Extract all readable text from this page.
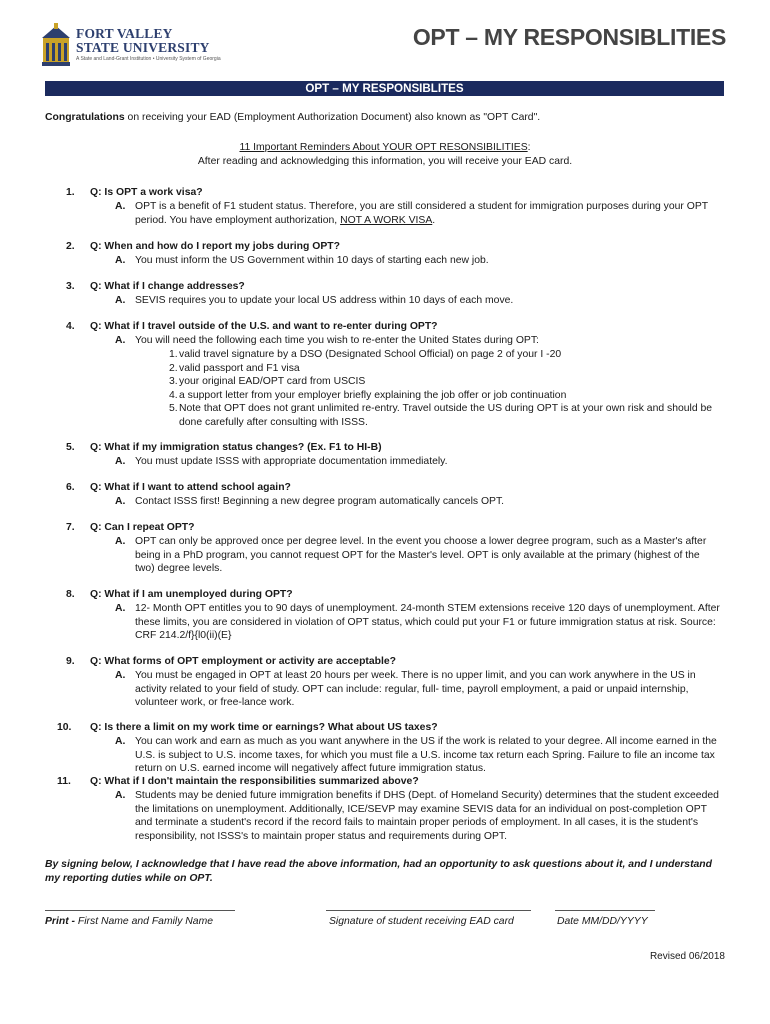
FORT VALLEY
STATE UNIVERSITY
A State and Land-Grant Institution • University System of Georgia
OPT – MY RESPONSIBLITIES
OPT – MY RESPONSIBLITES
Congratulations on receiving your EAD (Employment Authorization Document) also known as "OPT Card".
11 Important Reminders About YOUR OPT RESONSIBILITIES:
After reading and acknowledging this information, you will receive your EAD card.
1. Q: Is OPT a work visa?
A. OPT is a benefit of F1 student status. Therefore, you are still considered a student for immigration purposes during your OPT period. You have employment authorization, NOT A WORK VISA.
2. Q: When and how do I report my jobs during OPT?
A. You must inform the US Government within 10 days of starting each new job.
3. Q: What if I change addresses?
A. SEVIS requires you to update your local US address within 10 days of each move.
4. Q: What if I travel outside of the U.S. and want to re-enter during OPT?
A. You will need the following each time you wish to re-enter the United States during OPT:
1. valid travel signature by a DSO (Designated School Official) on page 2 of your I -20
2. valid passport and F1 visa
3. your original EAD/OPT card from USCIS
4. a support letter from your employer briefly explaining the job offer or job continuation
5. Note that OPT does not grant unlimited re-entry. Travel outside the US during OPT is at your own risk and should be done carefully after consulting with ISSS.
5. Q: What if my immigration status changes? (Ex. F1 to HI-B)
A. You must update ISSS with appropriate documentation immediately.
6. Q: What if I want to attend school again?
A. Contact ISSS first! Beginning a new degree program automatically cancels OPT.
7. Q: Can I repeat OPT?
A. OPT can only be approved once per degree level. In the event you choose a lower degree program, such as a Master's after being in a PhD program, you cannot request OPT for the Master's level. OPT is only available at the primary (highest of the two) degree levels.
8. Q: What if I am unemployed during OPT?
A. 12- Month OPT entitles you to 90 days of unemployment. 24-month STEM extensions receive 120 days of unemployment. After these limits, you are considered in violation of OPT status, which could put your F1 or future immigration status at risk. Source: CRF 214.2/f}{l0(ii)(E}
9. Q: What forms of OPT employment or activity are acceptable?
A. You must be engaged in OPT at least 20 hours per week. There is no upper limit, and you can work anywhere in the US in activity related to your field of study. OPT can include: regular, full- time, payroll employment, a paid or unpaid internship, volunteer work, or free-lance work.
10. Q: Is there a limit on my work time or earnings? What about US taxes?
A. You can work and earn as much as you want anywhere in the US if the work is related to your degree. All income earned in the U.S. is subject to U.S. income taxes, for which you must file a U.S. income tax return each Spring. Failure to file an income tax return on U.S. earned income will negatively affect future immigration status.
11. Q: What if I don't maintain the responsibilities summarized above?
A. Students may be denied future immigration benefits if DHS (Dept. of Homeland Security) determines that the student exceeded the limitations on unemployment. Additionally, ICE/SEVP may examine SEVIS data for an individual on post-completion OPT and terminate a student's record if the record fails to maintain proper periods of employment. In all cases, it is the student's responsibility, not ISSS's to maintain proper status and requirements during OPT.
By signing below, I acknowledge that I have read the above information, had an opportunity to ask questions about it, and I understand my reporting duties while on OPT.
Print - First Name and Family Name	Signature of student receiving EAD card	Date MM/DD/YYYY
Revised 06/2018
